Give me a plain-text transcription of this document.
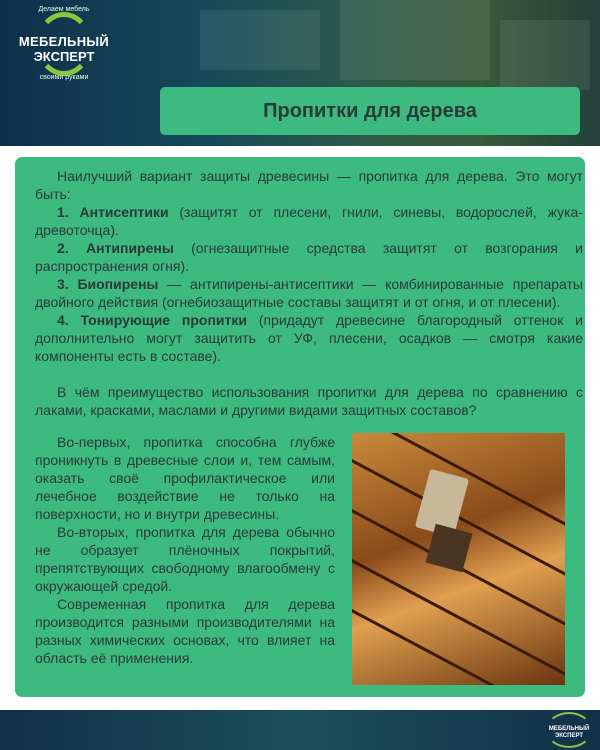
Делаем мебель
МЕБЕЛЬНЫЙ
ЭКСПЕРТ
своими руками
Пропитки для дерева
Наилучший вариант защиты древесины — пропитка для дерева. Это могут быть:
1. Антисептики (защитят от плесени, гнили, синевы, водорослей, жука-древоточца).
2. Антипирены (огнезащитные средства защитят от возгорания и распространения огня).
3. Биопирены — антипирены-антисептики — комбинированные препараты двойного действия (огнебиозащитные составы защитят и от огня, и от плесени).
4. Тонирующие пропитки (придадут древесине благородный оттенок и дополнительно могут защитить от УФ, плесени, осадков — смотря какие компоненты есть в составе).
В чём преимущество использования пропитки для дерева по сравнению с лаками, красками, маслами и другими видами защитных составов?
Во-первых, пропитка способна глубже проникнуть в древесные слои и, тем самым, оказать своё профилактическое или лечебное воздействие не только на поверхности, но и внутри древесины.
Во-вторых, пропитка для дерева обычно не образует плёночных покрытий, препятствующих свободному влагообмену с окружающей средой.
Современная пропитка для дерева производится разными производителями на разных химических основах, что влияет на область её применения.
МЕБЕЛЬНЫЙ
ЭКСПЕРТ
